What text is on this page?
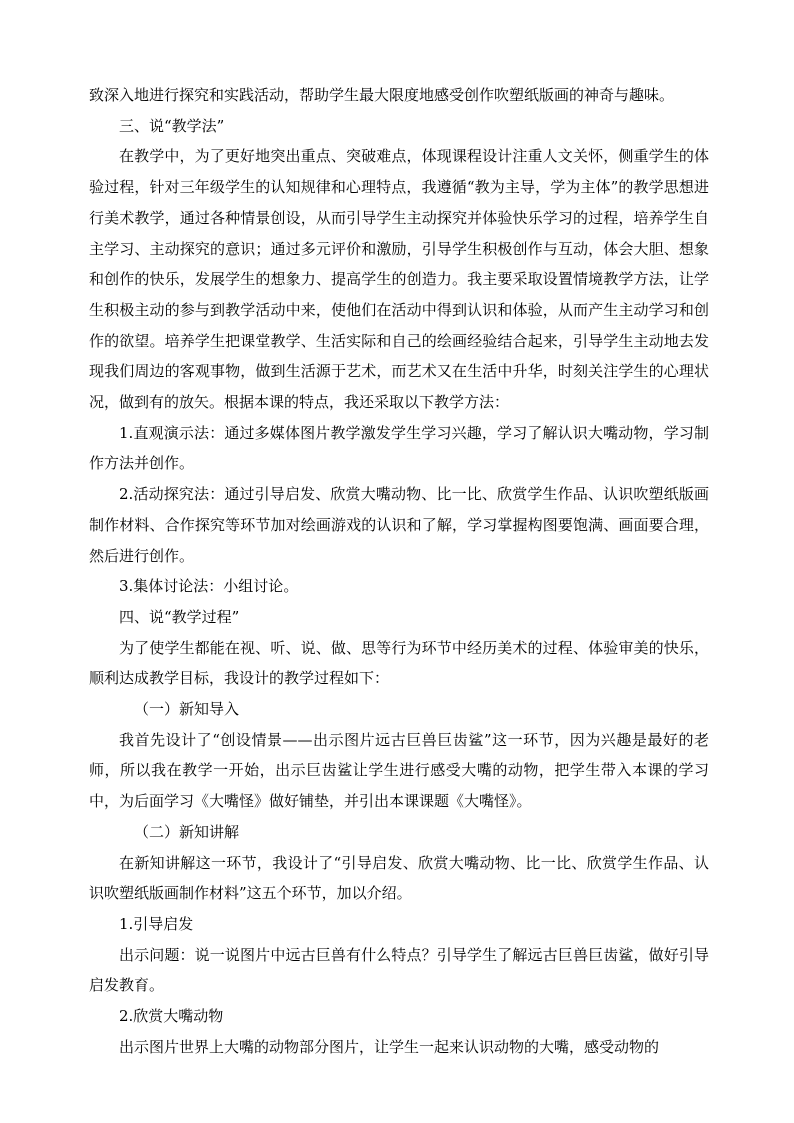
致深入地进行探究和实践活动，帮助学生最大限度地感受创作吹塑纸版画的神奇与趣味。

三、说“教学法”

在教学中，为了更好地突出重点、突破难点，体现课程设计注重人文关怀，侧重学生的体验过程，针对三年级学生的认知规律和心理特点，我遵循“教为主导，学为主体”的教学思想进行美术教学，通过各种情景创设，从而引导学生主动探究并体验快乐学习的过程，培养学生自主学习、主动探究的意识；通过多元评价和激励，引导学生积极创作与互动，体会大胆、想象和创作的快乐，发展学生的想象力、提高学生的创造力。我主要采取设置情境教学方法，让学生积极主动的参与到教学活动中来，使他们在活动中得到认识和体验，从而产生主动学习和创作的欲望。培养学生把课堂教学、生活实际和自己的绘画经验结合起来，引导学生主动地去发现我们周边的客观事物，做到生活源于艺术，而艺术又在生活中升华，时刻关注学生的心理状况，做到有的放矢。根据本课的特点，我还采取以下教学方法：

1.直观演示法：通过多媒体图片教学激发学生学习兴趣，学习了解认识大嘴动物，学习制作方法并创作。

2.活动探究法：通过引导启发、欣赏大嘴动物、比一比、欣赏学生作品、认识吹塑纸版画制作材料、合作探究等环节加对绘画游戏的认识和了解，学习掌握构图要饱满、画面要合理，然后进行创作。

3.集体讨论法：小组讨论。

四、说“教学过程”

为了使学生都能在视、听、说、做、思等行为环节中经历美术的过程、体验审美的快乐，顺利达成教学目标，我设计的教学过程如下：

（一）新知导入

我首先设计了“创设情景——出示图片远古巨兽巨齿鲨”这一环节，因为兴趣是最好的老师，所以我在教学一开始，出示巨齿鲨让学生进行感受大嘴的动物，把学生带入本课的学习中，为后面学习《大嘴怪》做好铺垫，并引出本课课题《大嘴怪》。

（二）新知讲解

在新知讲解这一环节，我设计了“引导启发、欣赏大嘴动物、比一比、欣赏学生作品、认识吹塑纸版画制作材料”这五个环节，加以介绍。

1.引导启发

出示问题：说一说图片中远古巨兽有什么特点？引导学生了解远古巨兽巨齿鲨，做好引导启发教育。

2.欣赏大嘴动物

出示图片世界上大嘴的动物部分图片，让学生一起来认识动物的大嘴，感受动物的
